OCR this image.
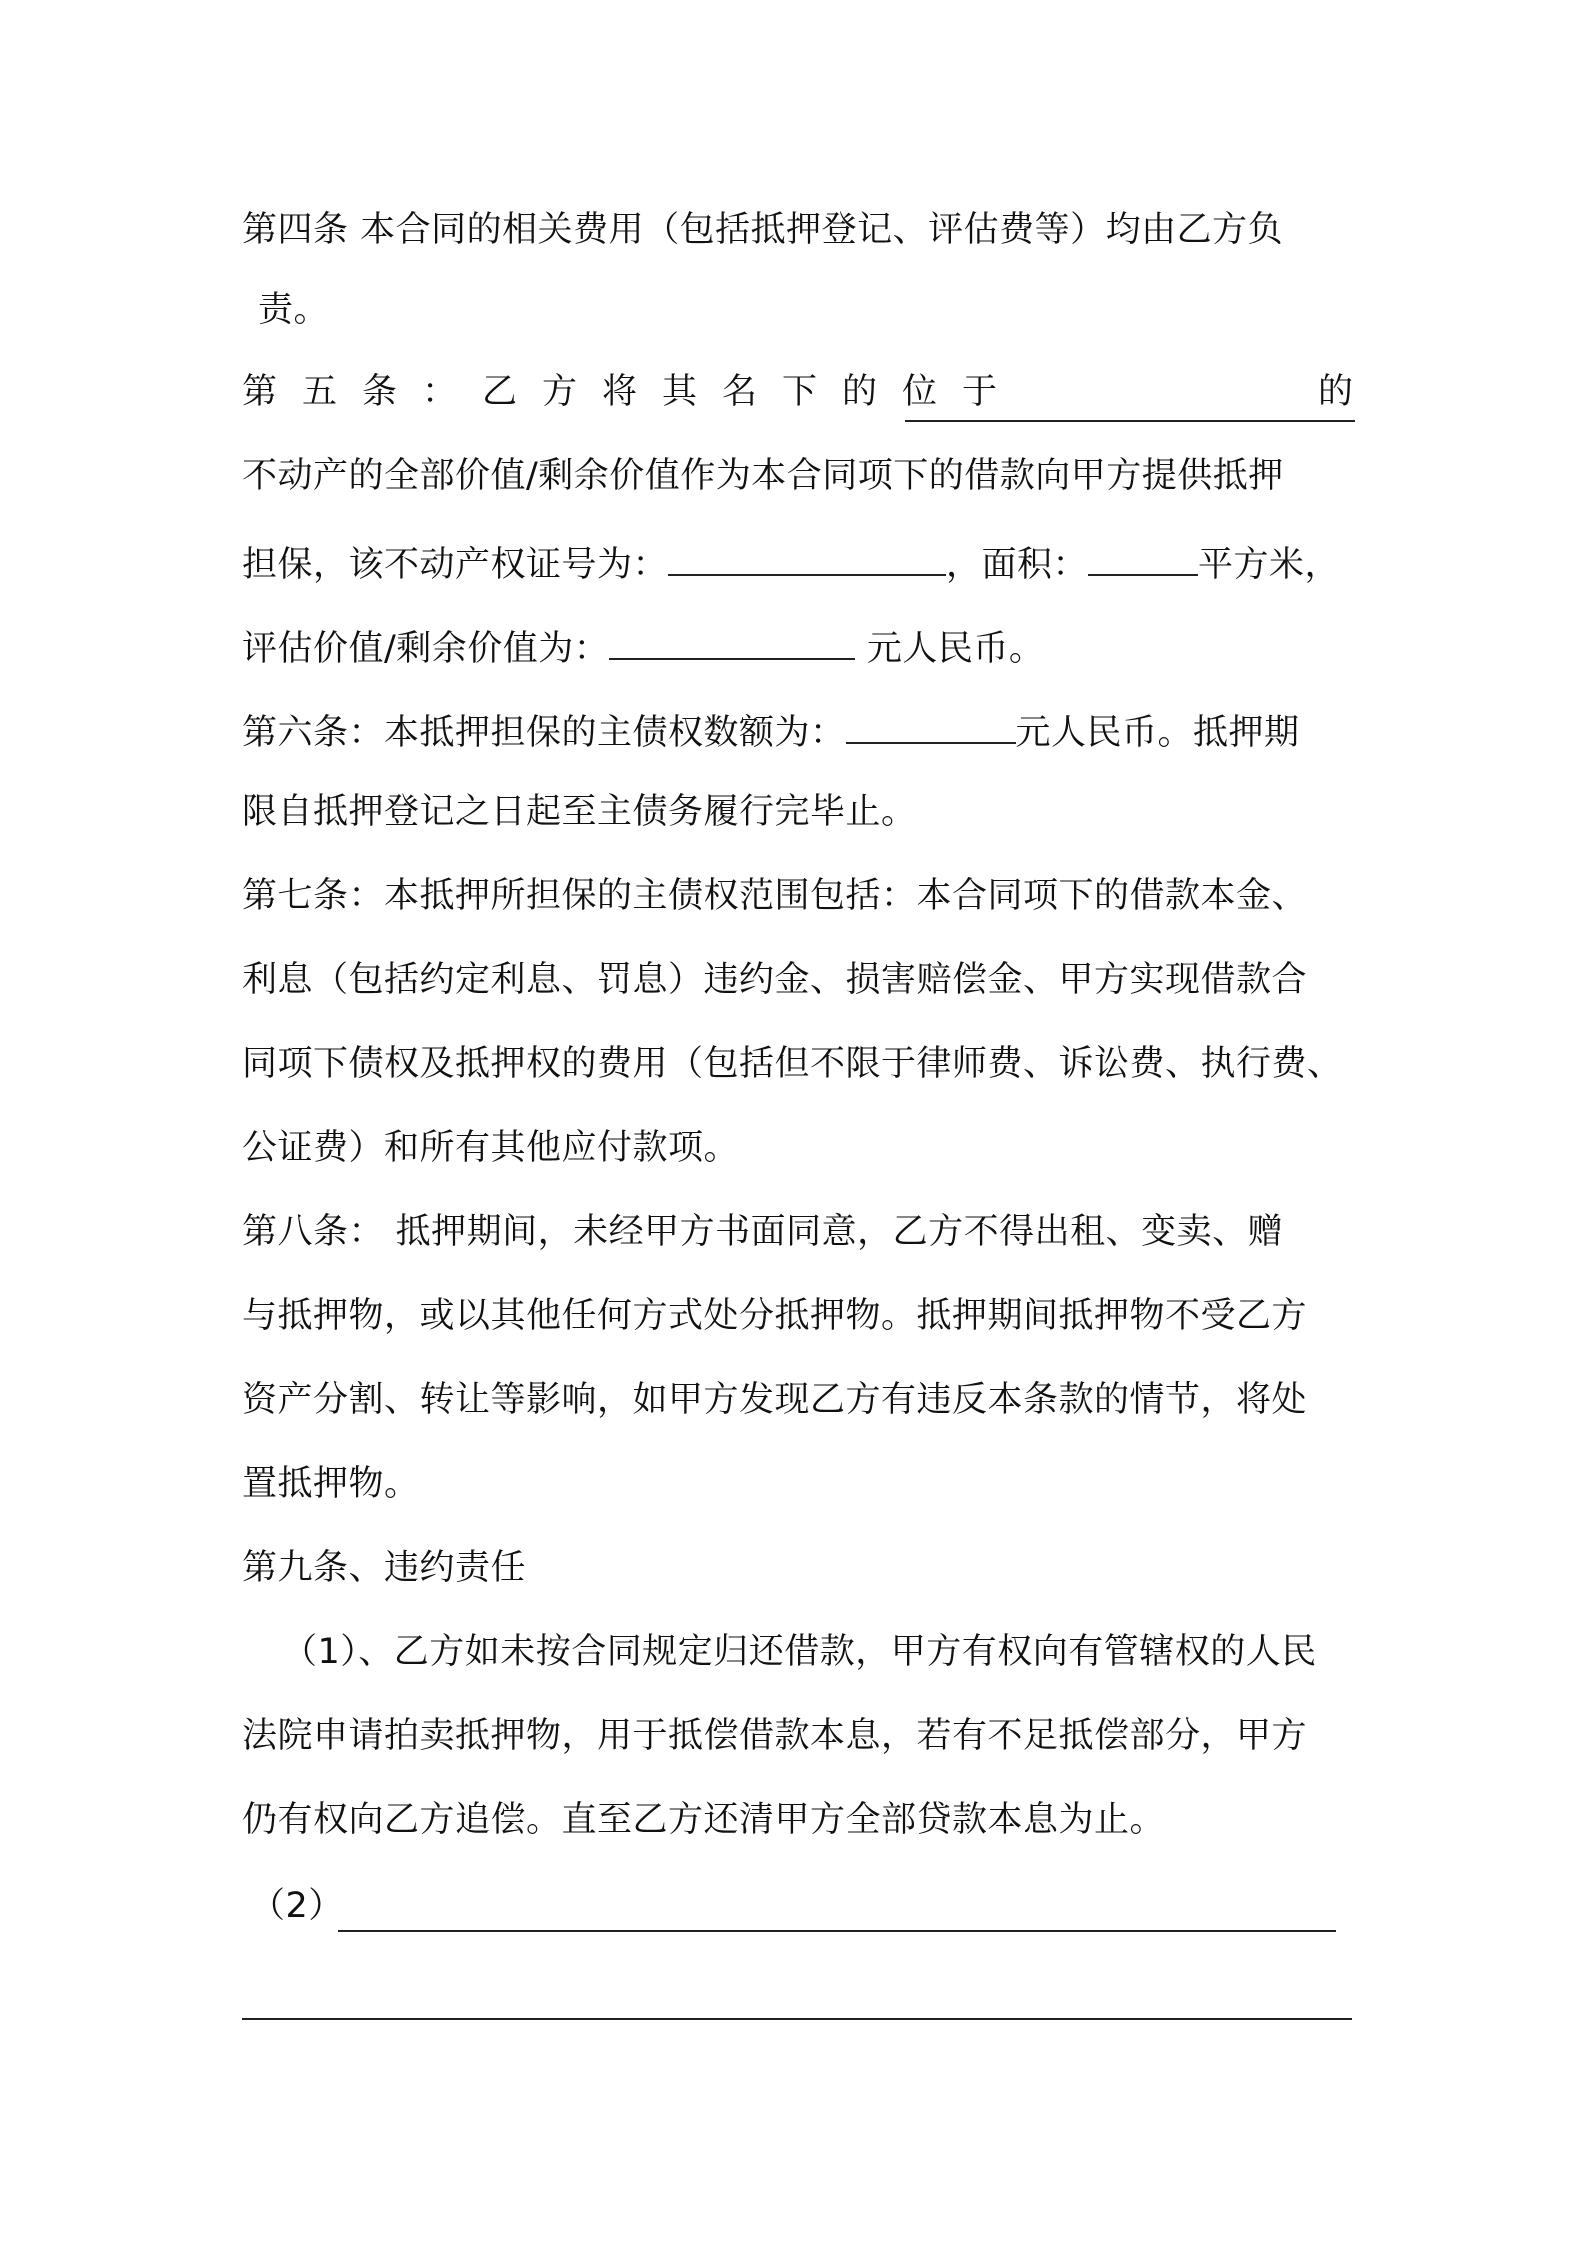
第四条 本合同的相关费用（包括抵押登记、评估费等）均由乙方负
责。
第五条：乙方将其名下的位于	的
不动产的全部价值/剩余价值作为本合同项下的借款向甲方提供抵押
担保，该不动产权证号为：	，面积：	平方米，
评估价值/剩余价值为：	元人民币。
第六条：本抵押担保的主债权数额为：	元人民币。抵押期
限自抵押登记之日起至主债务履行完毕止。
第七条：本抵押所担保的主债权范围包括：本合同项下的借款本金、
利息（包括约定利息、罚息）违约金、损害赔偿金、甲方实现借款合
同项下债权及抵押权的费用（包括但不限于律师费、诉讼费、执行费、
公证费）和所有其他应付款项。
第八条： 抵押期间，未经甲方书面同意，乙方不得出租、变卖、赠
与抵押物，或以其他任何方式处分抵押物。抵押期间抵押物不受乙方
资产分割、转让等影响，如甲方发现乙方有违反本条款的情节，将处
置抵押物。
第九条、违约责任
（1）、乙方如未按合同规定归还借款，甲方有权向有管辖权的人民
法院申请拍卖抵押物，用于抵偿借款本息，若有不足抵偿部分，甲方
仍有权向乙方追偿。直至乙方还清甲方全部贷款本息为止。
（2）
